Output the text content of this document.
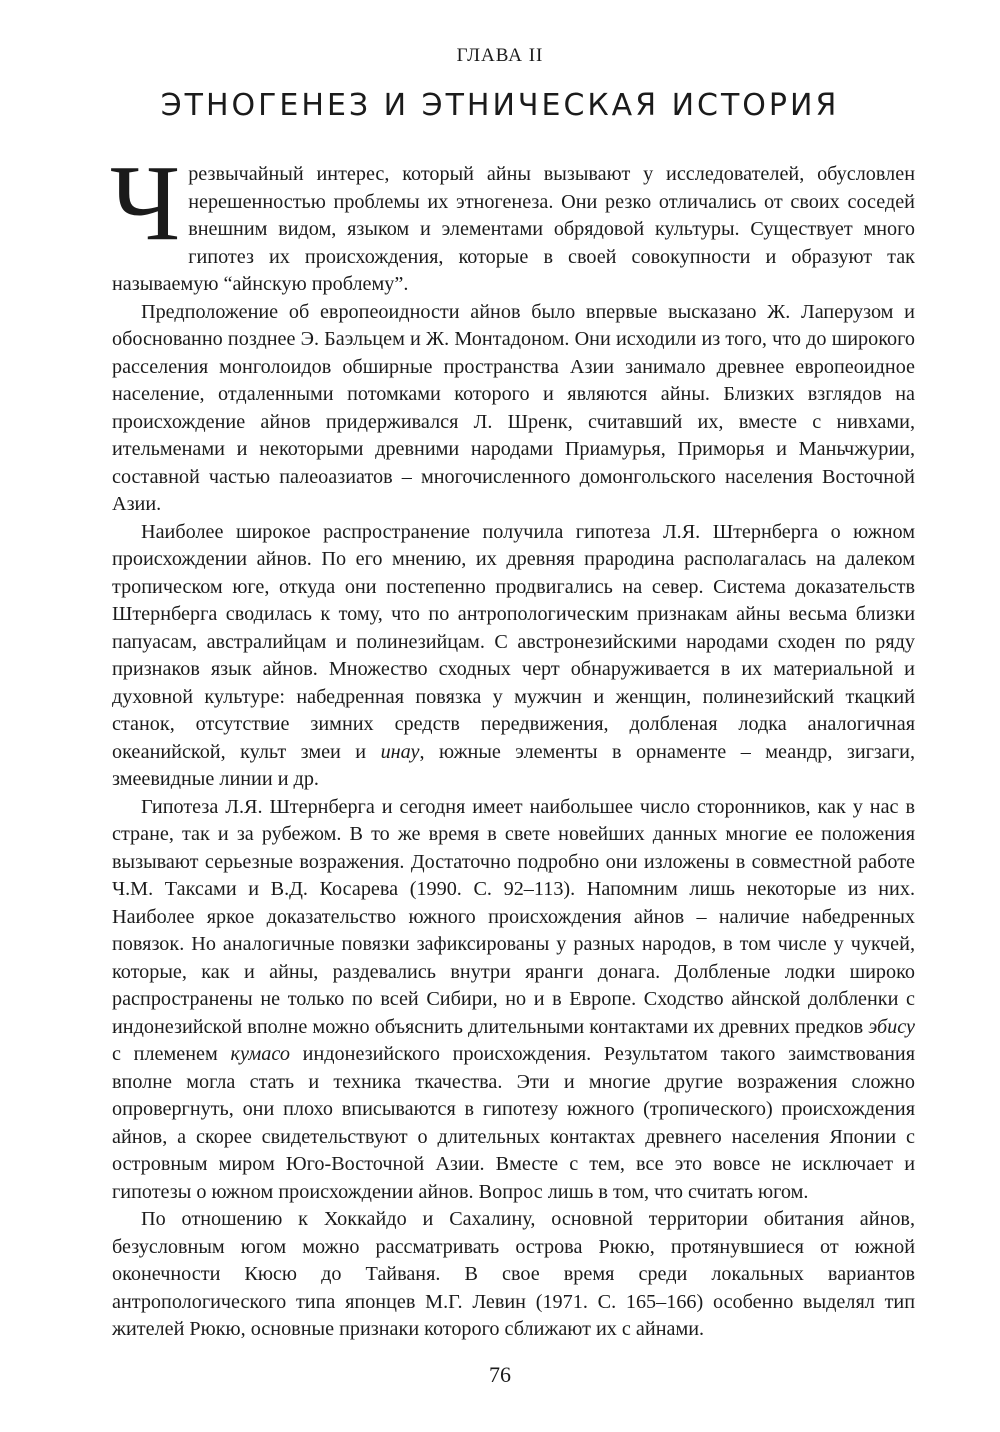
ГЛАВА II
ЭТНОГЕНЕЗ И ЭТНИЧЕСКАЯ ИСТОРИЯ

Чрезвычайный интерес, который айны вызывают у исследователей, обусловлен нерешенностью проблемы их этногенеза. Они резко отличались от своих соседей внешним видом, языком и элементами обрядовой культуры. Существует много гипотез их происхождения, которые в своей совокупности и образуют так называемую “айнскую проблему”.

Предположение об европеоидности айнов было впервые высказано Ж. Лаперузом и обоснованно позднее Э. Баэльцем и Ж. Монтадоном. Они исходили из того, что до широкого расселения монголоидов обширные пространства Азии занимало древнее европеоидное население, отдаленными потомками которого и являются айны. Близких взглядов на происхождение айнов придерживался Л. Шренк, считавший их, вместе с нивхами, ительменами и некоторыми древними народами Приамурья, Приморья и Маньчжурии, составной частью палеоазиатов – многочисленного домонгольского населения Восточной Азии.

Наиболее широкое распространение получила гипотеза Л.Я. Штернберга о южном происхождении айнов. По его мнению, их древняя прародина располагалась на далеком тропическом юге, откуда они постепенно продвигались на север. Система доказательств Штернберга сводилась к тому, что по антропологическим признакам айны весьма близки папуасам, австралийцам и полинезийцам. С австронезийскими народами сходен по ряду признаков язык айнов. Множество сходных черт обнаруживается в их материальной и духовной культуре: набедренная повязка у мужчин и женщин, полинезийский ткацкий станок, отсутствие зимних средств передвижения, долбленая лодка аналогичная океанийской, культ змеи и инау, южные элементы в орнаменте – меандр, зигзаги, змеевидные линии и др.

Гипотеза Л.Я. Штернберга и сегодня имеет наибольшее число сторонников, как у нас в стране, так и за рубежом. В то же время в свете новейших данных многие ее положения вызывают серьезные возражения. Достаточно подробно они изложены в совместной работе Ч.М. Таксами и В.Д. Косарева (1990. С. 92–113). Напомним лишь некоторые из них. Наиболее яркое доказательство южного происхождения айнов – наличие набедренных повязок. Но аналогичные повязки зафиксированы у разных народов, в том числе у чукчей, которые, как и айны, раздевались внутри яранги донага. Долбленые лодки широко распространены не только по всей Сибири, но и в Европе. Сходство айнской долбленки с индонезийской вполне можно объяснить длительными контактами их древних предков эбису с племенем кумасо индонезийского происхождения. Результатом такого заимствования вполне могла стать и техника ткачества. Эти и многие другие возражения сложно опровергнуть, они плохо вписываются в гипотезу южного (тропического) происхождения айнов, а скорее свидетельствуют о длительных контактах древнего населения Японии с островным миром Юго-Восточной Азии. Вместе с тем, все это вовсе не исключает и гипотезы о южном происхождении айнов. Вопрос лишь в том, что считать югом.

По отношению к Хоккайдо и Сахалину, основной территории обитания айнов, безусловным югом можно рассматривать острова Рюкю, протянувшиеся от южной оконечности Кюсю до Тайваня. В свое время среди локальных вариантов антропологического типа японцев М.Г. Левин (1971. С. 165–166) особенно выделял тип жителей Рюкю, основные признаки которого сближают их с айнами.

76
